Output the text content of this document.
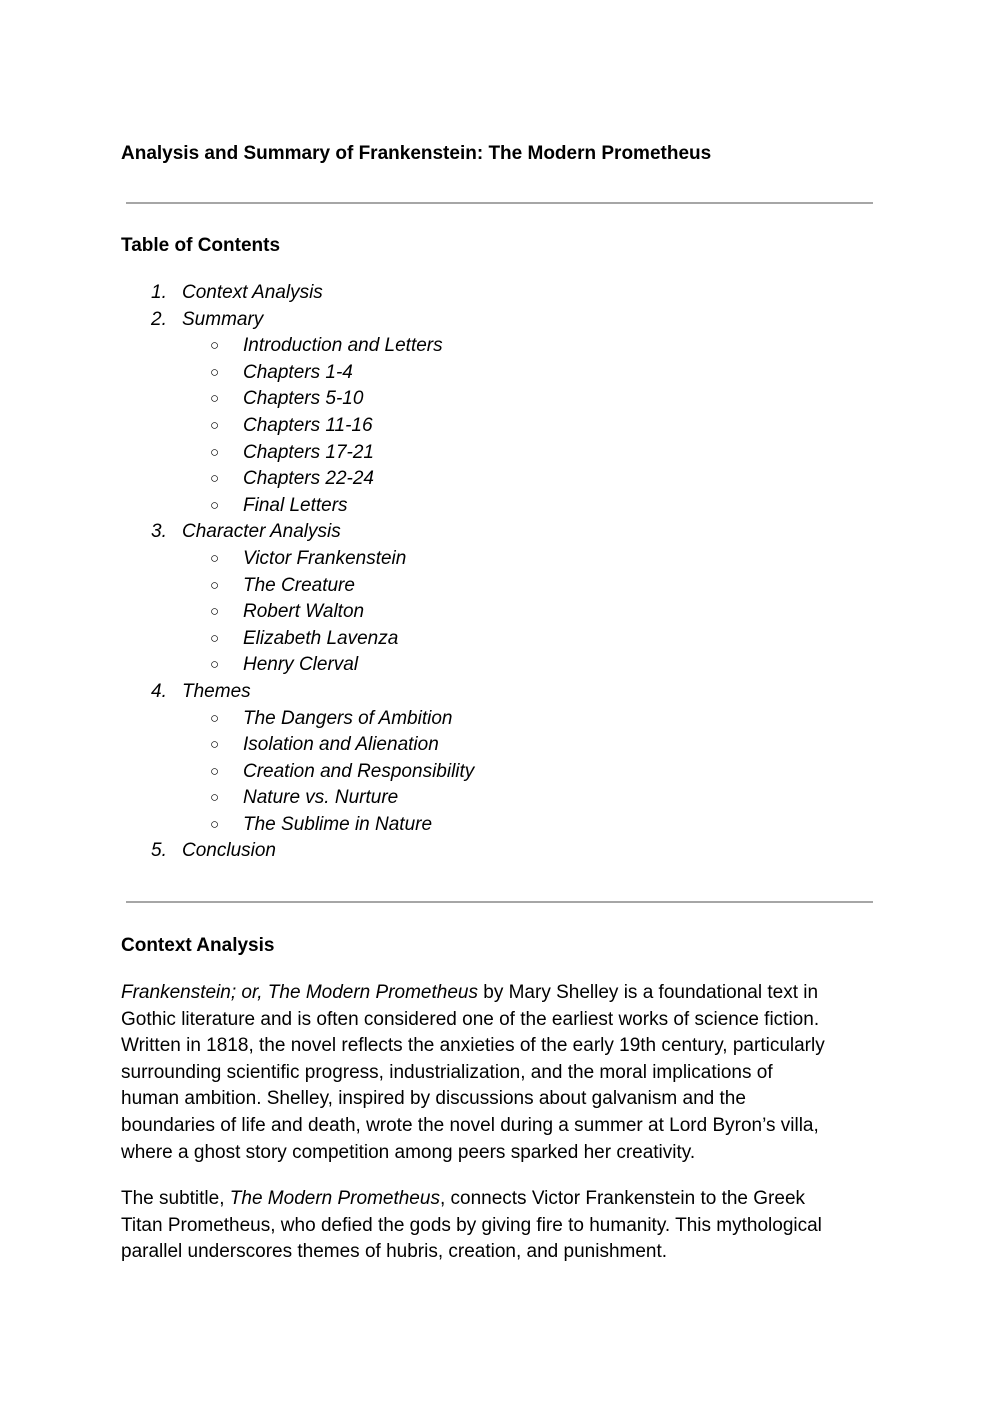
Analysis and Summary of Frankenstein: The Modern Prometheus
Table of Contents
1. Context Analysis
2. Summary
○ Introduction and Letters
○ Chapters 1-4
○ Chapters 5-10
○ Chapters 11-16
○ Chapters 17-21
○ Chapters 22-24
○ Final Letters
3. Character Analysis
○ Victor Frankenstein
○ The Creature
○ Robert Walton
○ Elizabeth Lavenza
○ Henry Clerval
4. Themes
○ The Dangers of Ambition
○ Isolation and Alienation
○ Creation and Responsibility
○ Nature vs. Nurture
○ The Sublime in Nature
5. Conclusion
Context Analysis

Frankenstein; or, The Modern Prometheus by Mary Shelley is a foundational text in
Gothic literature and is often considered one of the earliest works of science fiction.
Written in 1818, the novel reflects the anxieties of the early 19th century, particularly
surrounding scientific progress, industrialization, and the moral implications of
human ambition. Shelley, inspired by discussions about galvanism and the
boundaries of life and death, wrote the novel during a summer at Lord Byron’s villa,
where a ghost story competition among peers sparked her creativity.

The subtitle, The Modern Prometheus, connects Victor Frankenstein to the Greek
Titan Prometheus, who defied the gods by giving fire to humanity. This mythological
parallel underscores themes of hubris, creation, and punishment.
